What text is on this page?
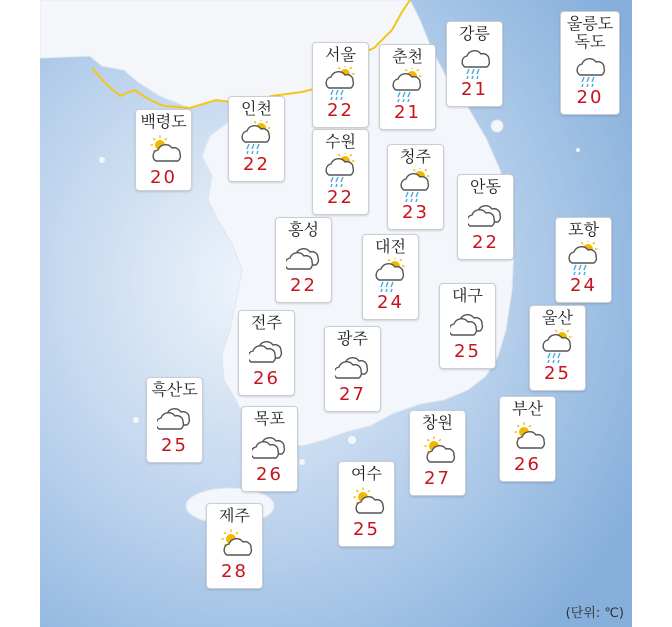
백령도
20
인천
22
서울
22
춘천
21
강릉
21
울릉도
독도
20
수원
22
청주
23
안동
22
홍성
22
대전
24
포항
24
대구
25
전주
26
광주
27
울산
25
흑산도
25
목포
26
창원
27
부산
26
여수
25
제주
28
(단위: ℃)
